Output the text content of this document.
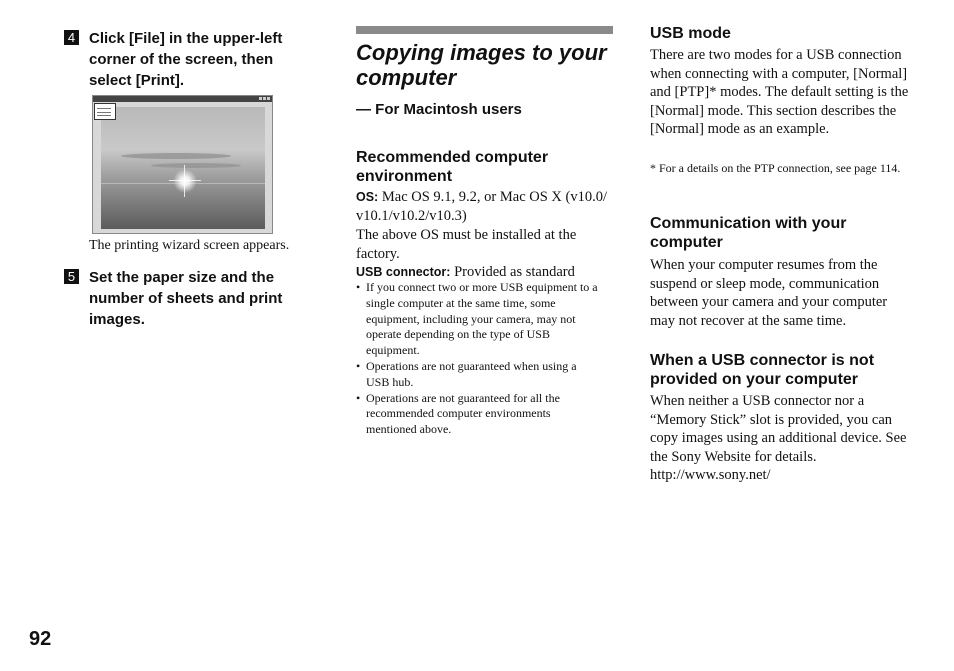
4 Click [File] in the upper-left corner of the screen, then select [Print].
The printing wizard screen appears.
5 Set the paper size and the number of sheets and print images.
Copying images to your computer
— For Macintosh users
Recommended computer environment
OS: Mac OS 9.1, 9.2, or Mac OS X (v10.0/ v10.1/v10.2/v10.3)
The above OS must be installed at the factory.
USB connector: Provided as standard
• If you connect two or more USB equipment to a single computer at the same time, some equipment, including your camera, may not operate depending on the type of USB equipment.
• Operations are not guaranteed when using a USB hub.
• Operations are not guaranteed for all the recommended computer environments mentioned above.
USB mode
There are two modes for a USB connection when connecting with a computer, [Normal] and [PTP]* modes. The default setting is the [Normal] mode. This section describes the [Normal] mode as an example.
* For a details on the PTP connection, see page 114.
Communication with your computer
When your computer resumes from the suspend or sleep mode, communication between your camera and your computer may not recover at the same time.
When a USB connector is not provided on your computer
When neither a USB connector nor a “Memory Stick” slot is provided, you can copy images using an additional device. See the Sony Website for details.
http://www.sony.net/
92
